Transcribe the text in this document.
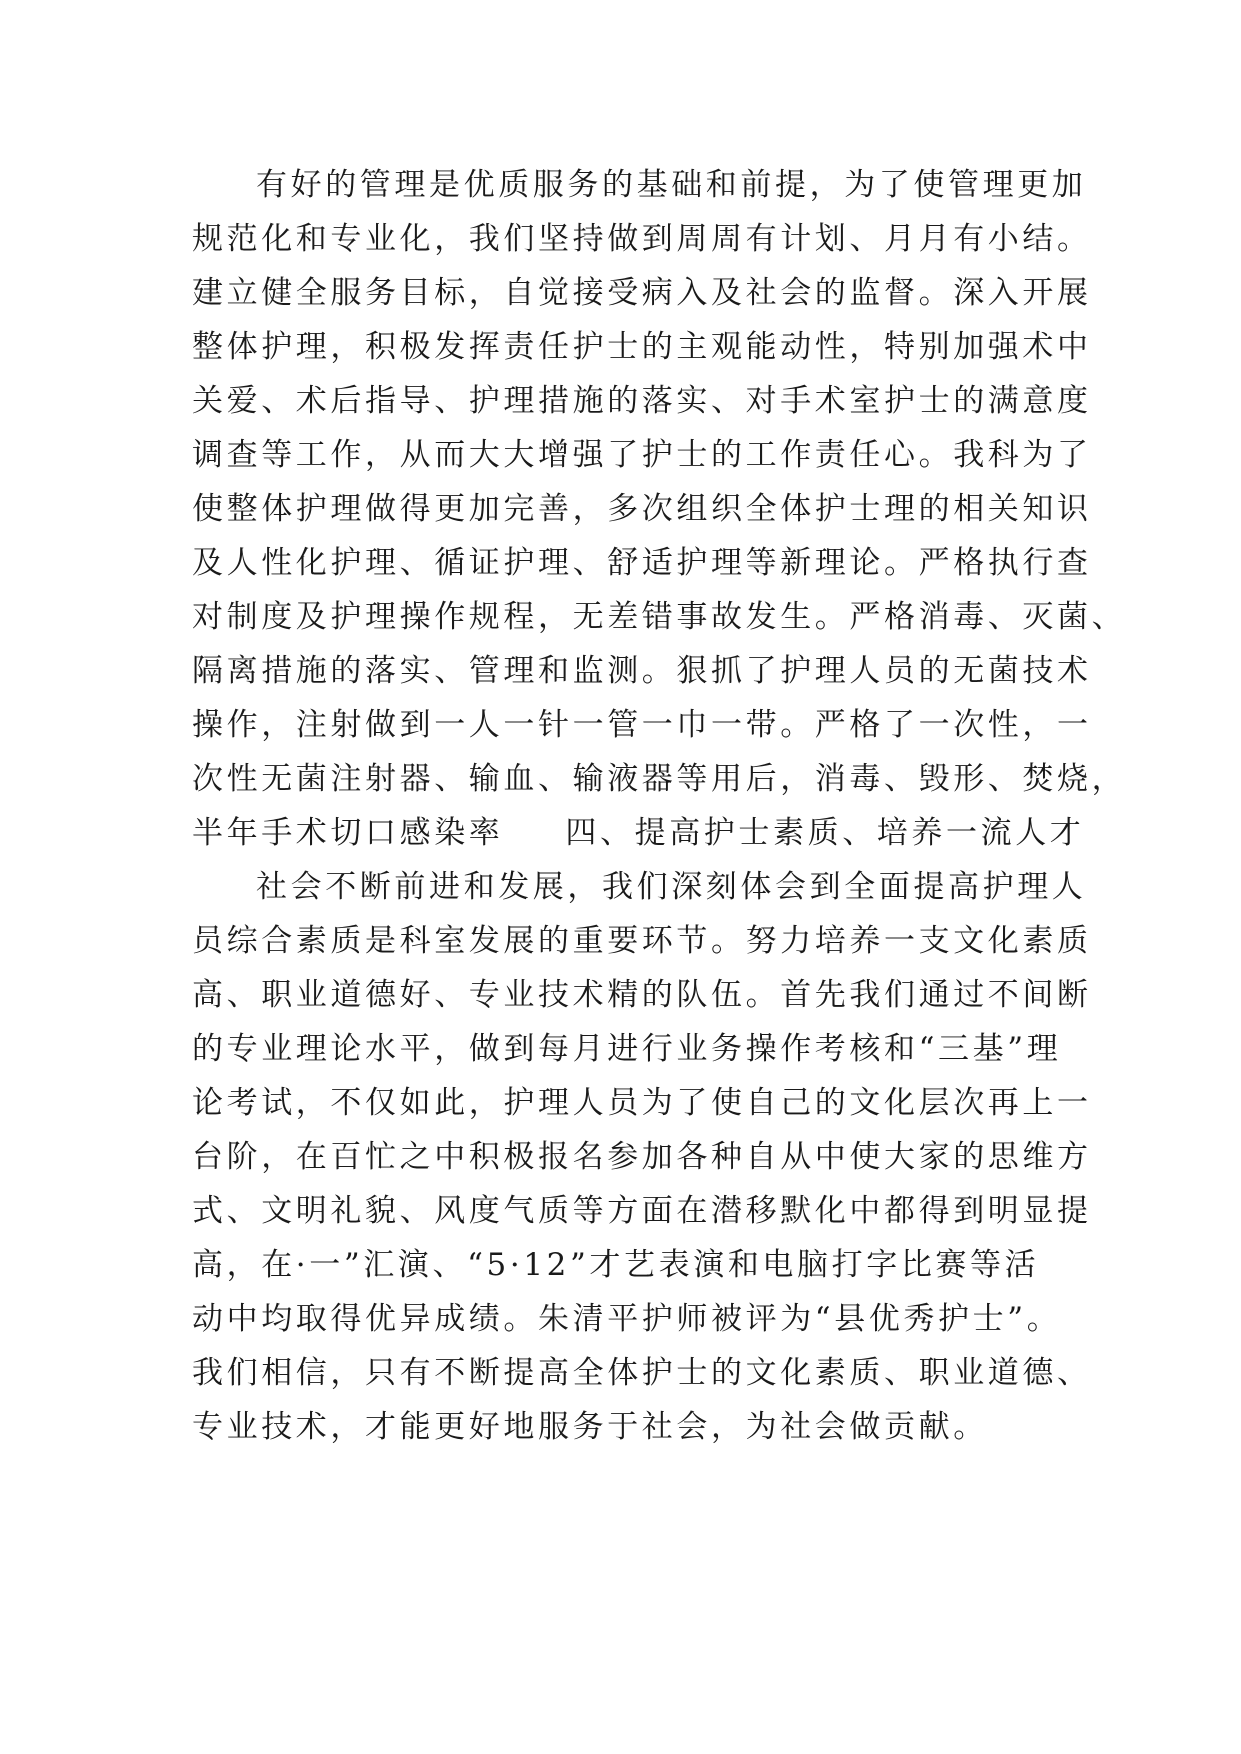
有好的管理是优质服务的基础和前提，为了使管理更加
规范化和专业化，我们坚持做到周周有计划、月月有小结。
建立健全服务目标，自觉接受病入及社会的监督。深入开展
整体护理，积极发挥责任护士的主观能动性，特别加强术中
关爱、术后指导、护理措施的落实、对手术室护士的满意度
调查等工作，从而大大增强了护士的工作责任心。我科为了
使整体护理做得更加完善，多次组织全体护士理的相关知识
及人性化护理、循证护理、舒适护理等新理论。严格执行查
对制度及护理操作规程，无差错事故发生。严格消毒、灭菌、
隔离措施的落实、管理和监测。狠抓了护理人员的无菌技术
操作，注射做到一人一针一管一巾一带。严格了一次性，一
次性无菌注射器、输血、输液器等用后，消毒、毁形、焚烧，
半年手术切口感染率 四、提高护士素质、培养一流人才
社会不断前进和发展，我们深刻体会到全面提高护理人
员综合素质是科室发展的重要环节。努力培养一支文化素质
高、职业道德好、专业技术精的队伍。首先我们通过不间断
的专业理论水平，做到每月进行业务操作考核和“三基”理
论考试，不仅如此，护理人员为了使自己的文化层次再上一
台阶，在百忙之中积极报名参加各种自从中使大家的思维方
式、文明礼貌、风度气质等方面在潜移默化中都得到明显提
高，在·一”汇演、“5·12”才艺表演和电脑打字比赛等活
动中均取得优异成绩。朱清平护师被评为“县优秀护士”。
我们相信，只有不断提高全体护士的文化素质、职业道德、
专业技术，才能更好地服务于社会，为社会做贡献。
